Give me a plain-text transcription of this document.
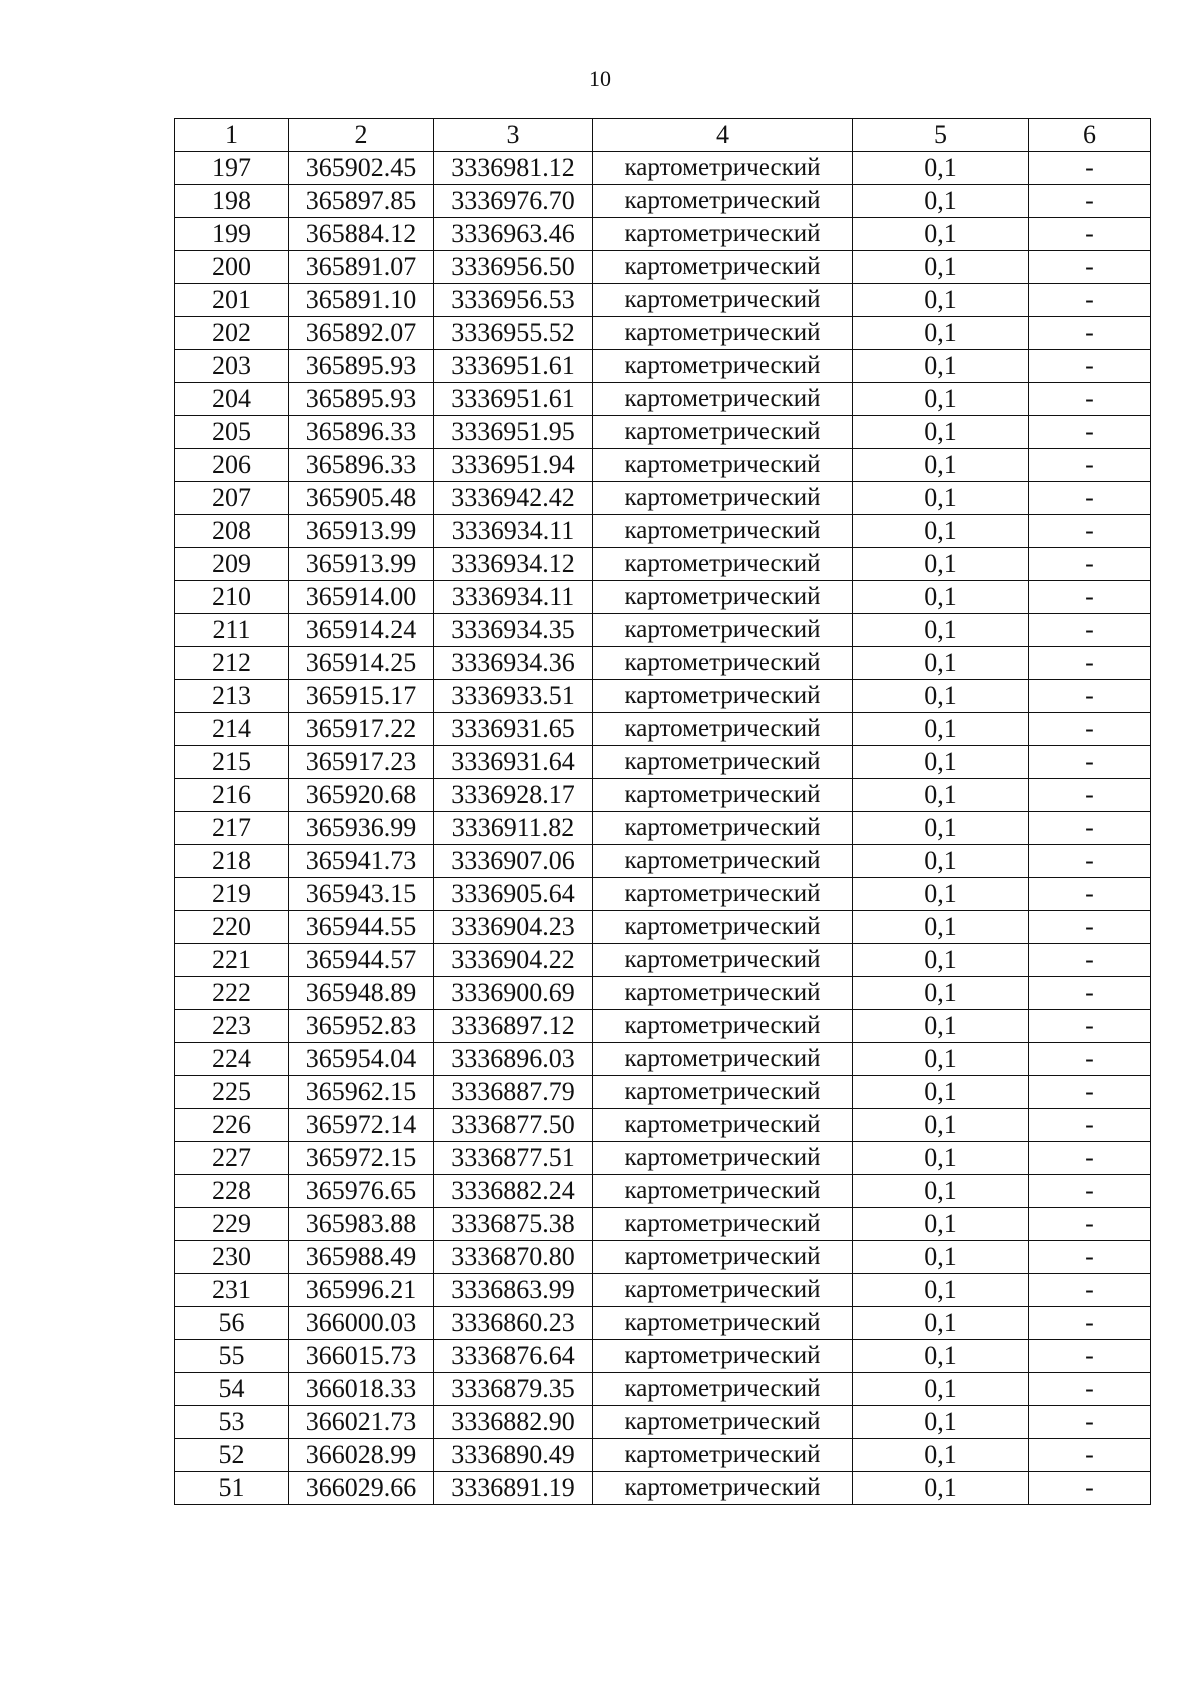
10
1	2	3	4	5	6
197	365902.45	3336981.12	картометрический	0,1	-
198	365897.85	3336976.70	картометрический	0,1	-
199	365884.12	3336963.46	картометрический	0,1	-
200	365891.07	3336956.50	картометрический	0,1	-
201	365891.10	3336956.53	картометрический	0,1	-
202	365892.07	3336955.52	картометрический	0,1	-
203	365895.93	3336951.61	картометрический	0,1	-
204	365895.93	3336951.61	картометрический	0,1	-
205	365896.33	3336951.95	картометрический	0,1	-
206	365896.33	3336951.94	картометрический	0,1	-
207	365905.48	3336942.42	картометрический	0,1	-
208	365913.99	3336934.11	картометрический	0,1	-
209	365913.99	3336934.12	картометрический	0,1	-
210	365914.00	3336934.11	картометрический	0,1	-
211	365914.24	3336934.35	картометрический	0,1	-
212	365914.25	3336934.36	картометрический	0,1	-
213	365915.17	3336933.51	картометрический	0,1	-
214	365917.22	3336931.65	картометрический	0,1	-
215	365917.23	3336931.64	картометрический	0,1	-
216	365920.68	3336928.17	картометрический	0,1	-
217	365936.99	3336911.82	картометрический	0,1	-
218	365941.73	3336907.06	картометрический	0,1	-
219	365943.15	3336905.64	картометрический	0,1	-
220	365944.55	3336904.23	картометрический	0,1	-
221	365944.57	3336904.22	картометрический	0,1	-
222	365948.89	3336900.69	картометрический	0,1	-
223	365952.83	3336897.12	картометрический	0,1	-
224	365954.04	3336896.03	картометрический	0,1	-
225	365962.15	3336887.79	картометрический	0,1	-
226	365972.14	3336877.50	картометрический	0,1	-
227	365972.15	3336877.51	картометрический	0,1	-
228	365976.65	3336882.24	картометрический	0,1	-
229	365983.88	3336875.38	картометрический	0,1	-
230	365988.49	3336870.80	картометрический	0,1	-
231	365996.21	3336863.99	картометрический	0,1	-
56	366000.03	3336860.23	картометрический	0,1	-
55	366015.73	3336876.64	картометрический	0,1	-
54	366018.33	3336879.35	картометрический	0,1	-
53	366021.73	3336882.90	картометрический	0,1	-
52	366028.99	3336890.49	картометрический	0,1	-
51	366029.66	3336891.19	картометрический	0,1	-
